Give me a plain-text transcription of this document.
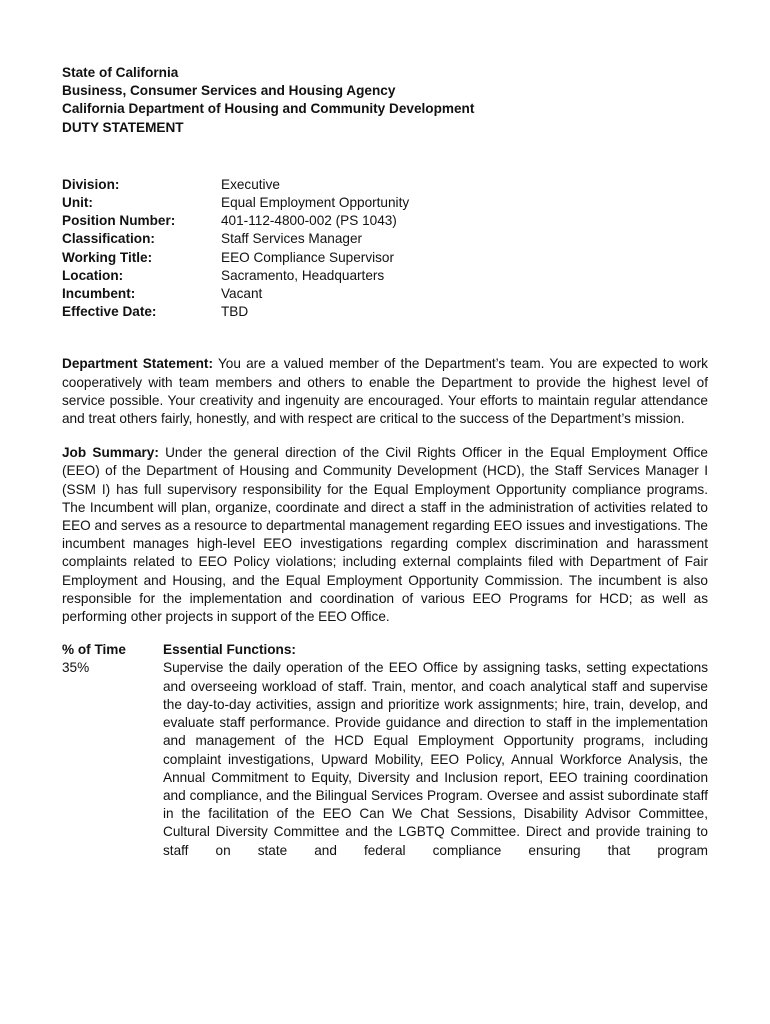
State of California
Business, Consumer Services and Housing Agency
California Department of Housing and Community Development
DUTY STATEMENT
Division:	Executive
Unit:	Equal Employment Opportunity
Position Number:	401-112-4800-002 (PS 1043)
Classification:	Staff Services Manager
Working Title:	EEO Compliance Supervisor
Location:	Sacramento, Headquarters
Incumbent:	Vacant
Effective Date:	TBD

Department Statement: You are a valued member of the Department’s team. You are expected to work cooperatively with team members and others to enable the Department to provide the highest level of service possible. Your creativity and ingenuity are encouraged. Your efforts to maintain regular attendance and treat others fairly, honestly, and with respect are critical to the success of the Department’s mission.

Job Summary: Under the general direction of the Civil Rights Officer in the Equal Employment Office (EEO) of the Department of Housing and Community Development (HCD), the Staff Services Manager I (SSM I) has full supervisory responsibility for the Equal Employment Opportunity compliance programs. The Incumbent will plan, organize, coordinate and direct a staff in the administration of activities related to EEO and serves as a resource to departmental management regarding EEO issues and investigations. The incumbent manages high-level EEO investigations regarding complex discrimination and harassment complaints related to EEO Policy violations; including external complaints filed with Department of Fair Employment and Housing, and the Equal Employment Opportunity Commission. The incumbent is also responsible for the implementation and coordination of various EEO Programs for HCD; as well as performing other projects in support of the EEO Office.

% of Time	Essential Functions:
35%	Supervise the daily operation of the EEO Office by assigning tasks, setting expectations and overseeing workload of staff. Train, mentor, and coach analytical staff and supervise the day-to-day activities, assign and prioritize work assignments; hire, train, develop, and evaluate staff performance. Provide guidance and direction to staff in the implementation and management of the HCD Equal Employment Opportunity programs, including complaint investigations, Upward Mobility, EEO Policy, Annual Workforce Analysis, the Annual Commitment to Equity, Diversity and Inclusion report, EEO training coordination and compliance, and the Bilingual Services Program. Oversee and assist subordinate staff in the facilitation of the EEO Can We Chat Sessions, Disability Advisor Committee, Cultural Diversity Committee and the LGBTQ Committee. Direct and provide training to staff on state and federal compliance ensuring that program
